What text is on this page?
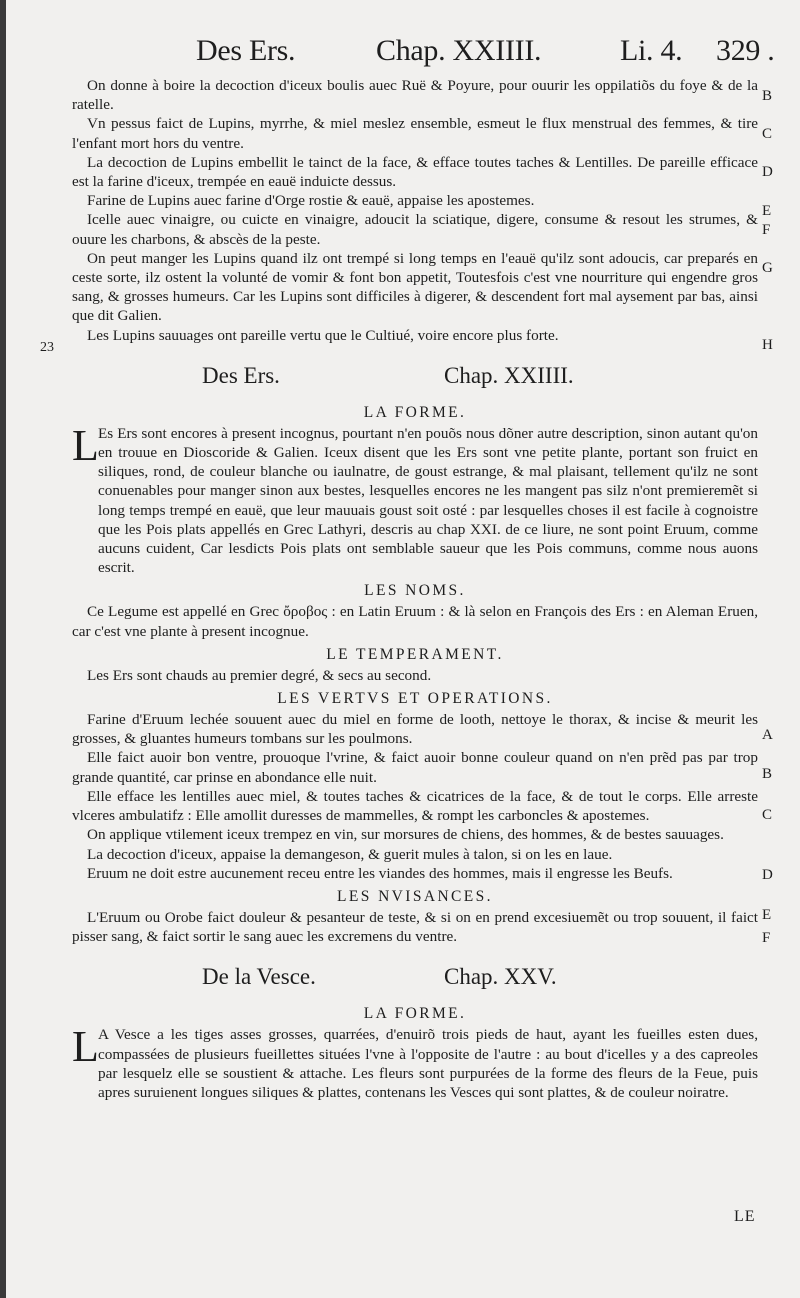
Des Ers.	Chap. XXIIII.	Li. 4. 329 .
B
C
D
E
F
G
H
23
A
B
C
D
E
F

On donne à boire la decoction d'iceux boulis auec Ruë & Poyure, pour ouurir les oppilatiõs du foye & de la ratelle.

Vn pessus faict de Lupins, myrrhe, & miel meslez ensemble, esmeut le flux menstrual des femmes, & tire l'enfant mort hors du ventre.

La decoction de Lupins embellit le tainct de la face, & efface toutes taches & Lentilles. De pareille efficace est la farine d'iceux, trempée en eauë induicte dessus.

Farine de Lupins auec farine d'Orge rostie & eauë, appaise les apostemes.

Icelle auec vinaigre, ou cuicte en vinaigre, adoucit la sciatique, digere, consume & resout les strumes, & ouure les charbons, & abscès de la peste.

On peut manger les Lupins quand ilz ont trempé si long temps en l'eauë qu'ilz sont adoucis, car preparés en ceste sorte, ilz ostent la volunté de vomir & font bon appetit, Toutesfois c'est vne nourriture qui engendre gros sang, & grosses humeurs. Car les Lupins sont difficiles à digerer, & descendent fort mal aysement par bas, ainsi que dit Galien.

Les Lupins sauuages ont pareille vertu que le Cultiué, voire encore plus forte.

Des Ers.	Chap. XXIIII.
LA FORME.

L Es Ers sont encores à present incognus, pourtant n'en pouõs nous dõner autre description, sinon autant qu'on en trouue en Dioscoride & Galien. Iceux disent que les Ers sont vne petite plante, portant son fruict en siliques, rond, de couleur blanche ou iaulnatre, de goust estrange, & mal plaisant, tellement qu'ilz ne sont conuenables pour manger sinon aux bestes, lesquelles encores ne les mangent pas silz n'ont premieremẽt si long temps trempé en eauë, que leur mauuais goust soit osté : par lesquelles choses il est facile à cognoistre que les Pois plats appellés en Grec Lathyri, descris au chap XXI. de ce liure, ne sont point Eruum, comme aucuns cuident, Car lesdicts Pois plats ont semblable saueur que les Pois communs, comme nous auons escrit.

LES NOMS.

Ce Legume est appellé en Grec ὄροβος : en Latin Eruum : & là selon en François des Ers : en Aleman Eruen, car c'est vne plante à present incognue.

LE TEMPERAMENT.

Les Ers sont chauds au premier degré, & secs au second.

LES VERTVS ET OPERATIONS.

Farine d'Eruum lechée souuent auec du miel en forme de looth, nettoye le thorax, & incise & meurit les grosses, & gluantes humeurs tombans sur les poulmons.

Elle faict auoir bon ventre, prouoque l'vrine, & faict auoir bonne couleur quand on n'en prẽd pas par trop grande quantité, car prinse en abondance elle nuit.

Elle efface les lentilles auec miel, & toutes taches & cicatrices de la face, & de tout le corps. Elle arreste vlceres ambulatifz : Elle amollit duresses de mammelles, & rompt les carboncles & apostemes.

On applique vtilement iceux trempez en vin, sur morsures de chiens, des hommes, & de bestes sauuages.

La decoction d'iceux, appaise la demangeson, & guerit mules à talon, si on les en laue.

Eruum ne doit estre aucunement receu entre les viandes des hommes, mais il engresse les Beufs.

LES NVISANCES.

L'Eruum ou Orobe faict douleur & pesanteur de teste, & si on en prend excesiuemẽt ou trop souuent, il faict pisser sang, & faict sortir le sang auec les excremens du ventre.

De la Vesce.	Chap. XXV.
LA FORME.

L A Vesce a les tiges asses grosses, quarrées, d'enuirõ trois pieds de haut, ayant les fueilles esten dues, compassées de plusieurs fueillettes situées l'vne à l'opposite de l'autre : au bout d'icelles y a des capreoles par lesquelz elle se soustient & attache. Les fleurs sont purpurées de la forme des fleurs de la Feue, puis apres suruienent longues siliques & plattes, contenans les Vesces qui sont plattes, & de couleur noiratre.

LE
